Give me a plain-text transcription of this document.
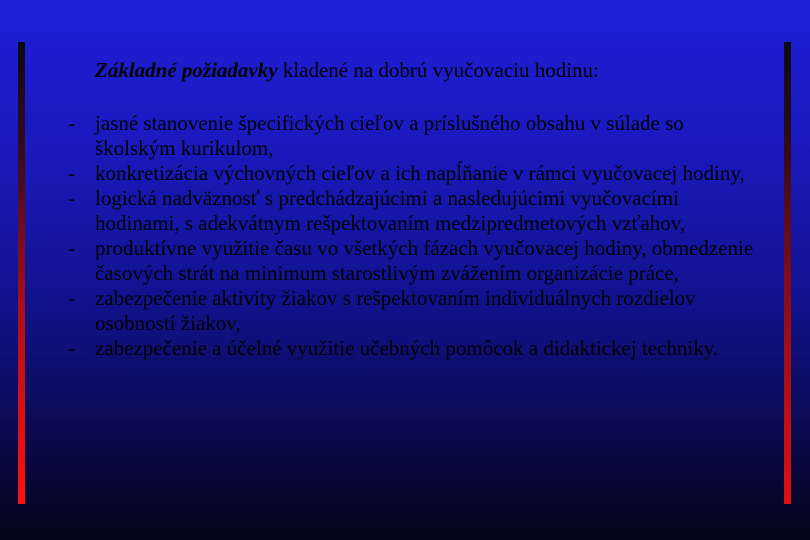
Základné požiadavky kladené na dobrú vyučovaciu hodinu:

- jasné stanovenie špecifických cieľov a príslušného obsahu v súlade so školským kurikulom,
- konkretizácia výchovných cieľov a ich napĺňanie v rámci vyučovacej hodiny,
- logická nadväznosť s predchádzajúcimi a nasledujúcimi vyučovacími hodinami, s adekvátnym rešpektovaním medzipredmetových vzťahov,
- produktívne využitie času vo všetkých fázach vyučovacej hodiny, obmedzenie časových strát na minimum starostlivým zvážením organizácie práce,
- zabezpečenie aktivity žiakov s rešpektovaním individuálnych rozdielov osobností žiakov,
- zabezpečenie a účelné využitie učebných pomôcok a didaktickej techniky.
